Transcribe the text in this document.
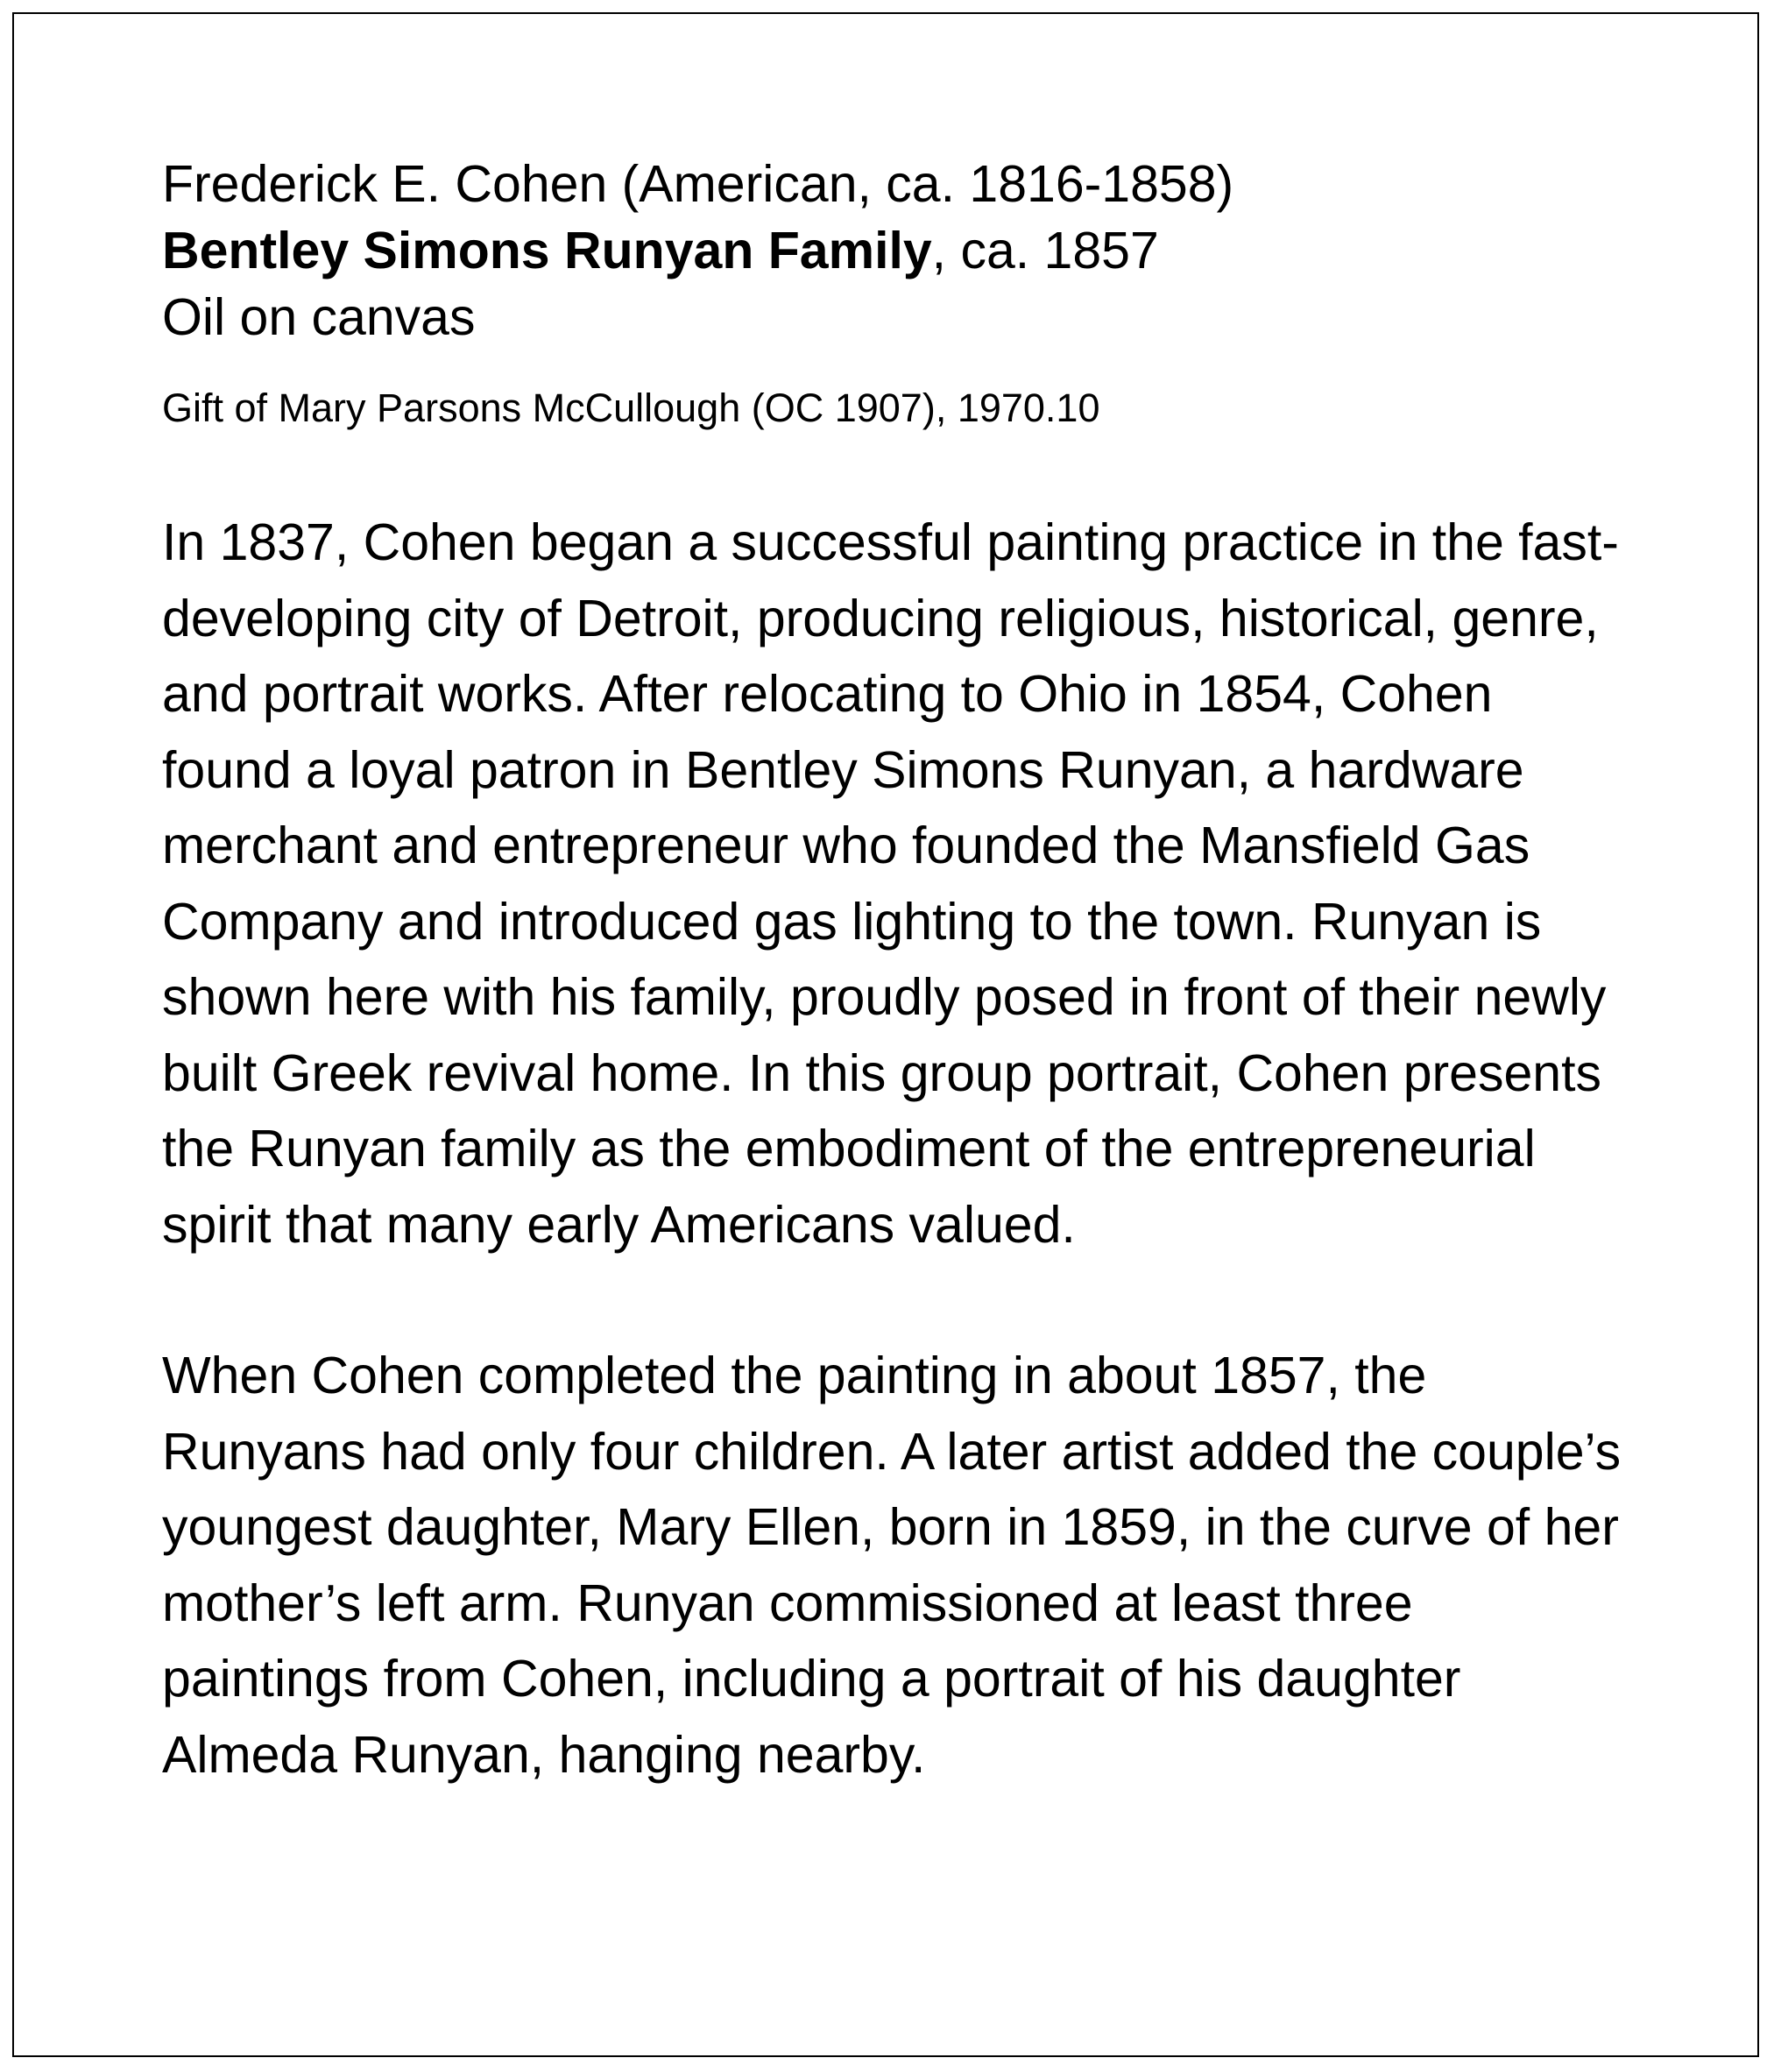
Frederick E. Cohen (American, ca. 1816-1858)

Bentley Simons Runyan Family, ca. 1857

Oil on canvas

Gift of Mary Parsons McCullough (OC 1907), 1970.10

In 1837, Cohen began a successful painting practice in the fast-developing city of Detroit, producing religious, historical, genre, and portrait works. After relocating to Ohio in 1854, Cohen found a loyal patron in Bentley Simons Runyan, a hardware merchant and entrepreneur who founded the Mansfield Gas Company and introduced gas lighting to the town. Runyan is shown here with his family, proudly posed in front of their newly built Greek revival home. In this group portrait, Cohen presents the Runyan family as the embodiment of the entrepreneurial spirit that many early Americans valued.

When Cohen completed the painting in about 1857, the Runyans had only four children. A later artist added the couple’s youngest daughter, Mary Ellen, born in 1859, in the curve of her mother’s left arm. Runyan commissioned at least three paintings from Cohen, including a portrait of his daughter Almeda Runyan, hanging nearby.
